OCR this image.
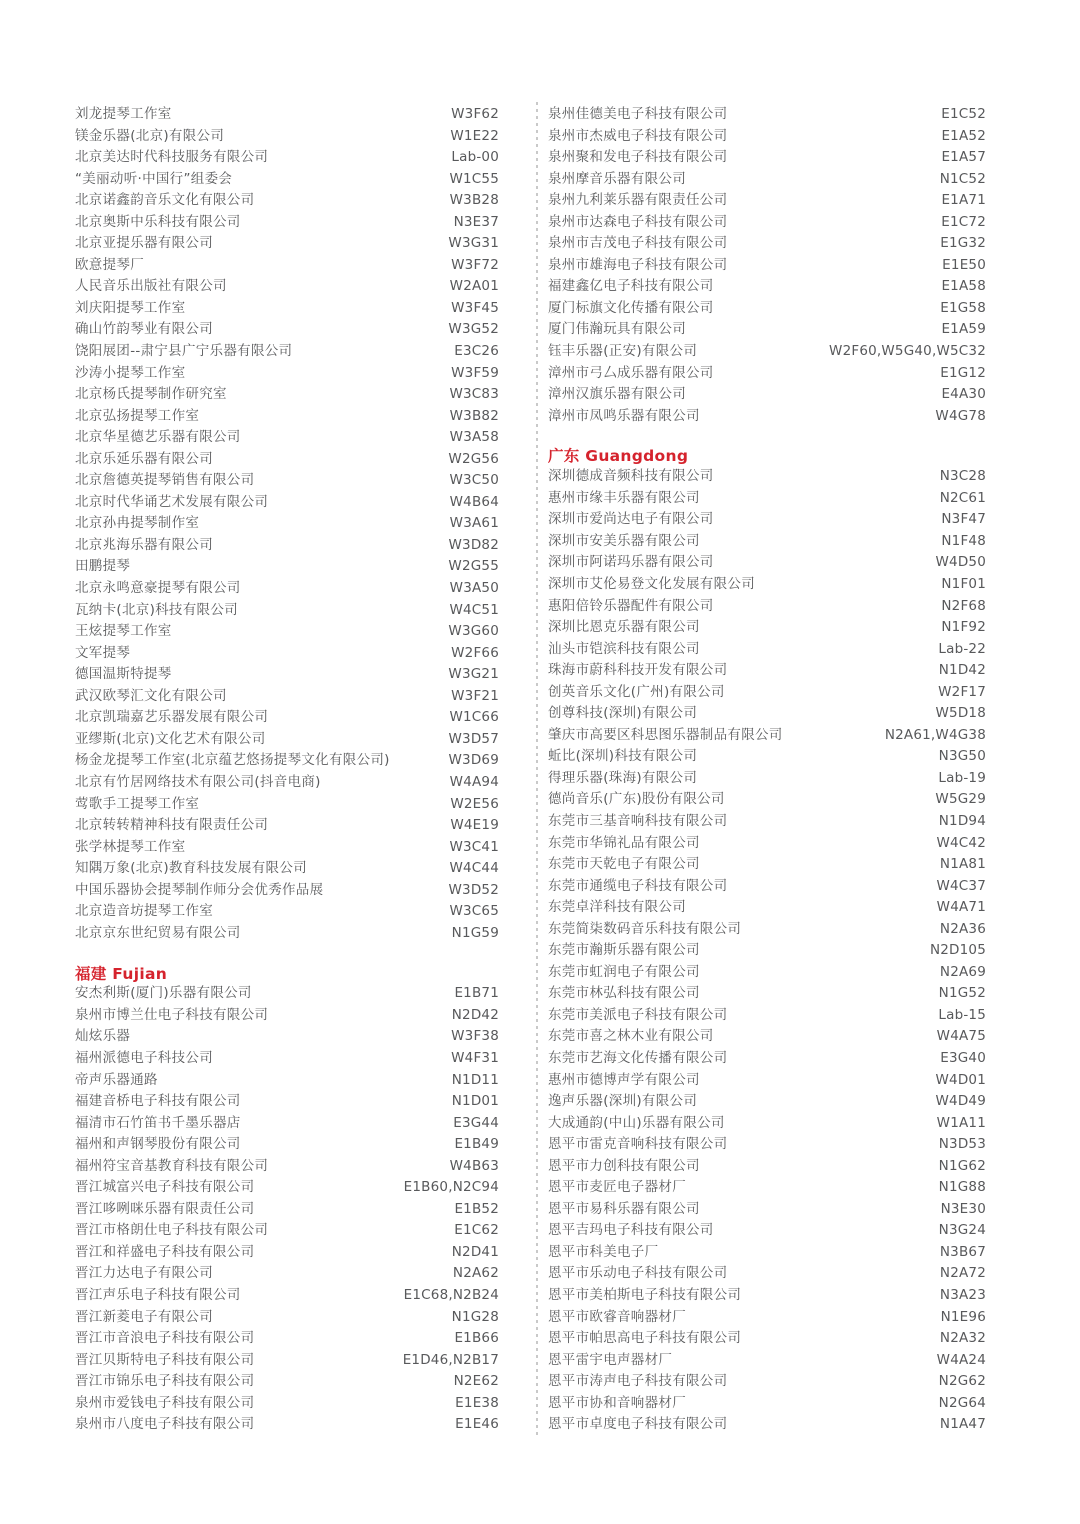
刘龙提琴工作室	W3F62
镁金乐器(北京)有限公司	W1E22
北京美达时代科技服务有限公司	Lab-00
“美丽动听·中国行”组委会	W1C55
北京诺鑫韵音乐文化有限公司	W3B28
北京奥斯中乐科技有限公司	N3E37
北京亚提乐器有限公司	W3G31
欧意提琴厂	W3F72
人民音乐出版社有限公司	W2A01
刘庆阳提琴工作室	W3F45
确山竹韵琴业有限公司	W3G52
饶阳展团--肃宁县广宁乐器有限公司	E3C26
沙涛小提琴工作室	W3F59
北京杨氏提琴制作研究室	W3C83
北京弘扬提琴工作室	W3B82
北京华星德艺乐器有限公司	W3A58
北京乐延乐器有限公司	W2G56
北京詹德英提琴销售有限公司	W3C50
北京时代华诵艺术发展有限公司	W4B64
北京孙冉提琴制作室	W3A61
北京兆海乐器有限公司	W3D82
田鹏提琴	W2G55
北京永鸣意豪提琴有限公司	W3A50
瓦纳卡(北京)科技有限公司	W4C51
王炫提琴工作室	W3G60
文军提琴	W2F66
德国温斯特提琴	W3G21
武汉欧琴汇文化有限公司	W3F21
北京凯瑞嘉艺乐器发展有限公司	W1C66
亚缪斯(北京)文化艺术有限公司	W3D57
杨金龙提琴工作室(北京蕴艺悠扬提琴文化有限公司)	W3D69
北京有竹居网络技术有限公司(抖音电商)	W4A94
莺歌手工提琴工作室	W2E56
北京转转精神科技有限责任公司	W4E19
张学林提琴工作室	W3C41
知隅万象(北京)教育科技发展有限公司	W4C44
中国乐器协会提琴制作师分会优秀作品展	W3D52
北京造音坊提琴工作室	W3C65
北京京东世纪贸易有限公司	N1G59
福建 Fujian
安杰利斯(厦门)乐器有限公司	E1B71
泉州市博兰仕电子科技有限公司	N2D42
灿炫乐器	W3F38
福州派德电子科技公司	W4F31
帝声乐器通路	N1D11
福建音桥电子科技有限公司	N1D01
福清市石竹笛书千墨乐器店	E3G44
福州和声钢琴股份有限公司	E1B49
福州符宝音基教育科技有限公司	W4B63
晋江城富兴电子科技有限公司	E1B60,N2C94
晋江哆咧咪乐器有限责任公司	E1B52
晋江市格朗仕电子科技有限公司	E1C62
晋江和祥盛电子科技有限公司	N2D41
晋江力达电子有限公司	N2A62
晋江声乐电子科技有限公司	E1C68,N2B24
晋江新菱电子有限公司	N1G28
晋江市音浪电子科技有限公司	E1B66
晋江贝斯特电子科技有限公司	E1D46,N2B17
晋江市锦乐电子科技有限公司	N2E62
泉州市爱钱电子科技有限公司	E1E38
泉州市八度电子科技有限公司	E1E46
泉州佳德美电子科技有限公司	E1C52
泉州市杰威电子科技有限公司	E1A52
泉州聚和发电子科技有限公司	E1A57
泉州摩音乐器有限公司	N1C52
泉州九利莱乐器有限责任公司	E1A71
泉州市达森电子科技有限公司	E1C72
泉州市吉茂电子科技有限公司	E1G32
泉州市雄海电子科技有限公司	E1E50
福建鑫亿电子科技有限公司	E1A58
厦门标旗文化传播有限公司	E1G58
厦门伟瀚玩具有限公司	E1A59
钰丰乐器(正安)有限公司	W2F60,W5G40,W5C32
漳州市弓厶成乐器有限公司	E1G12
漳州汉旗乐器有限公司	E4A30
漳州市凤鸣乐器有限公司	W4G78
广东 Guangdong
深圳德成音频科技有限公司	N3C28
惠州市缘丰乐器有限公司	N2C61
深圳市爱尚达电子有限公司	N3F47
深圳市安美乐器有限公司	N1F48
深圳市阿诺玛乐器有限公司	W4D50
深圳市艾伦易登文化发展有限公司	N1F01
惠阳倍铃乐器配件有限公司	N2F68
深圳比恩克乐器有限公司	N1F92
汕头市铠滨科技有限公司	Lab-22
珠海市蔚科科技开发有限公司	N1D42
创英音乐文化(广州)有限公司	W2F17
创尊科技(深圳)有限公司	W5D18
肇庆市高要区科思图乐器制品有限公司	N2A61,W4G38
蚯比(深圳)科技有限公司	N3G50
得理乐器(珠海)有限公司	Lab-19
德尚音乐(广东)股份有限公司	W5G29
东莞市三基音响科技有限公司	N1D94
东莞市华锦礼品有限公司	W4C42
东莞市天乾电子有限公司	N1A81
东莞市通缆电子科技有限公司	W4C37
东莞卓洋科技有限公司	W4A71
东莞简柒数码音乐科技有限公司	N2A36
东莞市瀚斯乐器有限公司	N2D105
东莞市虹润电子有限公司	N2A69
东莞市林弘科技有限公司	N1G52
东莞市美派电子科技有限公司	Lab-15
东莞市喜之林木业有限公司	W4A75
东莞市艺海文化传播有限公司	E3G40
惠州市德博声学有限公司	W4D01
逸声乐器(深圳)有限公司	W4D49
大成通韵(中山)乐器有限公司	W1A11
恩平市雷克音响科技有限公司	N3D53
恩平市力创科技有限公司	N1G62
恩平市麦匠电子器材厂	N1G88
恩平市易科乐器有限公司	N3E30
恩平吉玛电子科技有限公司	N3G24
恩平市科美电子厂	N3B67
恩平市乐动电子科技有限公司	N2A72
恩平市美柏斯电子科技有限公司	N3A23
恩平市欧睿音响器材厂	N1E96
恩平市帕思高电子科技有限公司	N2A32
恩平雷宇电声器材厂	W4A24
恩平市涛声电子科技有限公司	N2G62
恩平市协和音响器材厂	N2G64
恩平市卓度电子科技有限公司	N1A47
